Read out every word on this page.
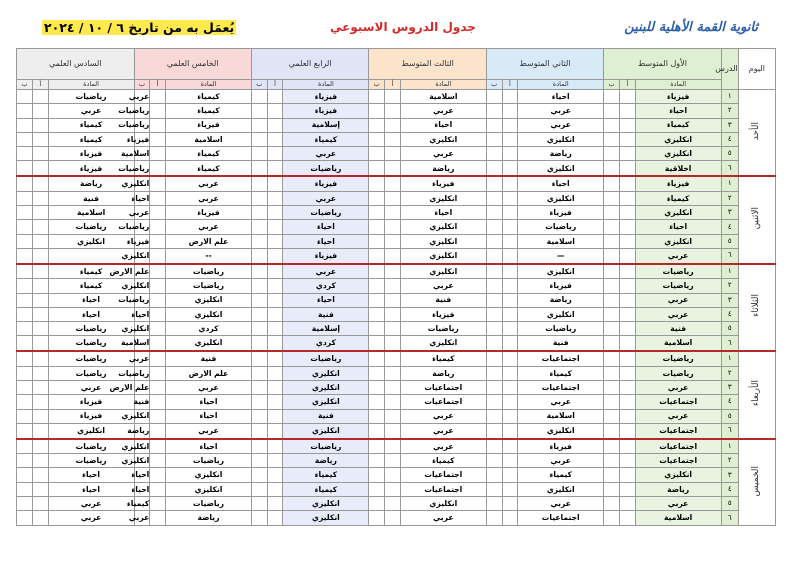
ثانوية القمة الأهلية للبنين
جدول الدروس الاسبوعي
يُعمَل به من تاريخ ٦ / ١٠ / ٢٠٢٤
اليوم	الدرس	الأول المتوسط			الثاني المتوسط			الثالث المتوسط			الرابع العلمي			الخامس العلمي			السادس العلمي		
		المادة	أ	ب	المادة	أ	ب	المادة	أ	ب	المادة	أ	ب	المادة	أ	ب	المادة	أ	ب
الأحد	١	فيزياء			احياء			اسلامية			فيزياء			كيمياء		عربي	رياضيات		
	٢	احياء			عربي			عربي			فيزياء			كيمياء		رياضيات	عربي		
	٣	كيمياء			عربي			احياء			إسلامية			فيزياء		رياضيات	كيمياء		
	٤	انكليزي			انكليزي			انكليزي			كيمياء			اسلامية		فيزياء	كيمياء		
	٥	انكليزي			رياضة			عربي			عربي			كيمياء		اسلامية	فيزياء		
	٦	اخلاقية			انكليزي			رياضة			رياضيات			كيمياء		رياضيات	فيزياء		
الاثنين	١	فيزياء			احياء			فيزياء			فيزياء			عربي		انكليزي	رياضة		
	٢	كيمياء			انكليزي			انكليزي			عربي			عربي		احياء	فنية		
	٣	انكليزي			فيزياء			احياء			رياضيات			فيزياء		عربي	اسلامية		
	٤	احياء			رياضيات			انكليزي			احياء			عربي		رياضيات	رياضيات		
	٥	انكليزي			اسلامية			انكليزي			احياء			علم الارض		فيزياء	انكليزي		
	٦	عربي			—			انكليزي			فيزياء			--		انكليزي			
الثلاثاء	١	رياضيات			انكليزي			انكليزي			عربي			رياضيات		علم الارض	كيمياء		
	٢	رياضيات			فيزياء			عربي			كردي			رياضيات		انكليزي	كيمياء		
	٣	عربي			رياضة			فنية			احياء			انكليزي		رياضيات	احياء		
	٤	عربي			انكليزي			فيزياء			فنية			انكليزي		احياء	احياء		
	٥	فنية			رياضيات			رياضيات			إسلامية			كردي		انكليزي	رياضيات		
	٦	اسلامية			فنية			انكليزي			كردي			انكليزي		اسلامية	رياضيات		
الأربعاء	١	رياضيات			اجتماعيات			كيمياء			رياضيات			فنية		عربي	رياضيات		
	٢	رياضيات			كيمياء			رياضة			انكليزي			علم الارض		رياضيات	رياضيات		
	٣	عربي			اجتماعيات			اجتماعيات			انكليزي			عربي		علم الارض	عربي		
	٤	اجتماعيات			عربي			اجتماعيات			انكليزي			احياء		فنية	فيزياء		
	٥	عربي			اسلامية			عربي			فنية			احياء		انكليزي	فيزياء		
	٦	اجتماعيات			انكليزي			عربي			انكليزي			عربي		رياضة	انكليزي		
الخميس	١	اجتماعيات			فيزياء			عربي			رياضيات			احياء		انكليزي	رياضيات		
	٢	اجتماعيات			عربي			كيمياء			رياضة			رياضيات		انكليزي	رياضيات		
	٣	انكليزي			كيمياء			اجتماعيات			كيمياء			انكليزي		احياء	احياء		
	٤	رياضة			انكليزي			اجتماعيات			كيمياء			انكليزي		احياء	احياء		
	٥	عربي			عربي			انكليزي			انكليزي			رياضيات		كيمياء	عربي		
	٦	اسلامية			اجتماعيات			عربي			انكليزي			رياضة		عربي	عربي		
